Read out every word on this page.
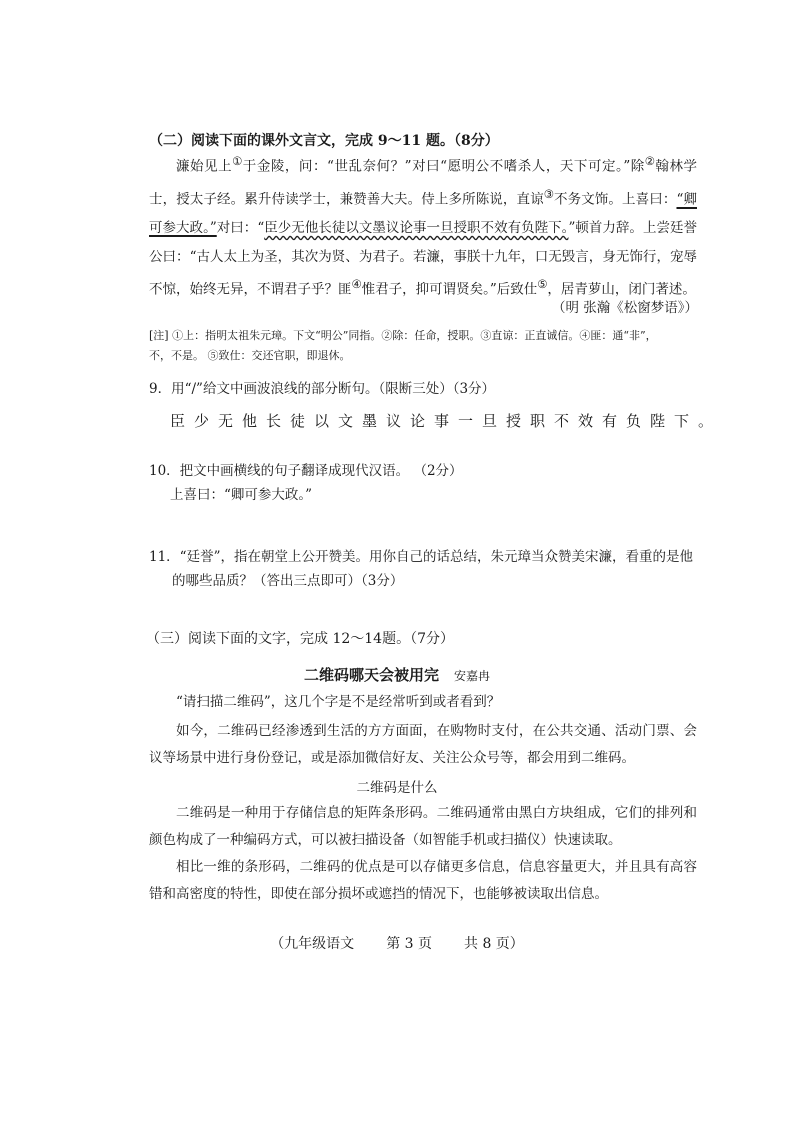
（二）阅读下面的课外文言文，完成 9～11 题。（8分）

濂始见上①于金陵，问：“世乱奈何？”对曰“愿明公不嗜杀人，天下可定。”除②翰林学士，授太子经。累升侍读学士，兼赞善大夫。侍上多所陈说，直谅③不务文饰。上喜曰：“卿可参大政。”对曰：“臣少无他长徒以文墨议论事一旦授职不效有负陛下。”顿首力辞。上尝廷誉公曰：“古人太上为圣，其次为贤、为君子。若濂，事朕十九年，口无毁言，身无饰行，宠辱不惊，始终无异，不谓君子乎？匪④惟君子，抑可谓贤矣。”后致仕⑤，居青萝山，闭门著述。

（明 张瀚《松窗梦语》）

[注] ①上：指明太祖朱元璋。下文“明公”同指。②除：任命，授职。③直谅：正直诚信。④匪：通“非”，
不，不是。 ⑤致仕：交还官职，即退休。

9．用“/”给文中画波浪线的部分断句。（限断三处）（3分）

臣少无他长徒以文墨议论事一旦授职不效有负陛下。

10．把文中画横线的句子翻译成现代汉语。 （2分）

上喜曰：“卿可参大政。”

11．“廷誉”，指在朝堂上公开赞美。用你自己的话总结，朱元璋当众赞美宋濂，看重的是他

的哪些品质？（答出三点即可）（3分）

（三）阅读下面的文字，完成 12～14题。（7分）

二维码哪天会被用完 安嘉冉

“请扫描二维码”，这几个字是不是经常听到或者看到？

如今，二维码已经渗透到生活的方方面面，在购物时支付，在公共交通、活动门票、会议等场景中进行身份登记，或是添加微信好友、关注公众号等，都会用到二维码。

二维码是什么

二维码是一种用于存储信息的矩阵条形码。二维码通常由黑白方块组成，它们的排列和颜色构成了一种编码方式，可以被扫描设备（如智能手机或扫描仪）快速读取。

相比一维的条形码，二维码的优点是可以存储更多信息，信息容量更大，并且具有高容错和高密度的特性，即使在部分损坏或遮挡的情况下，也能够被读取出信息。

（九年级语文 第 3 页 共 8 页）
